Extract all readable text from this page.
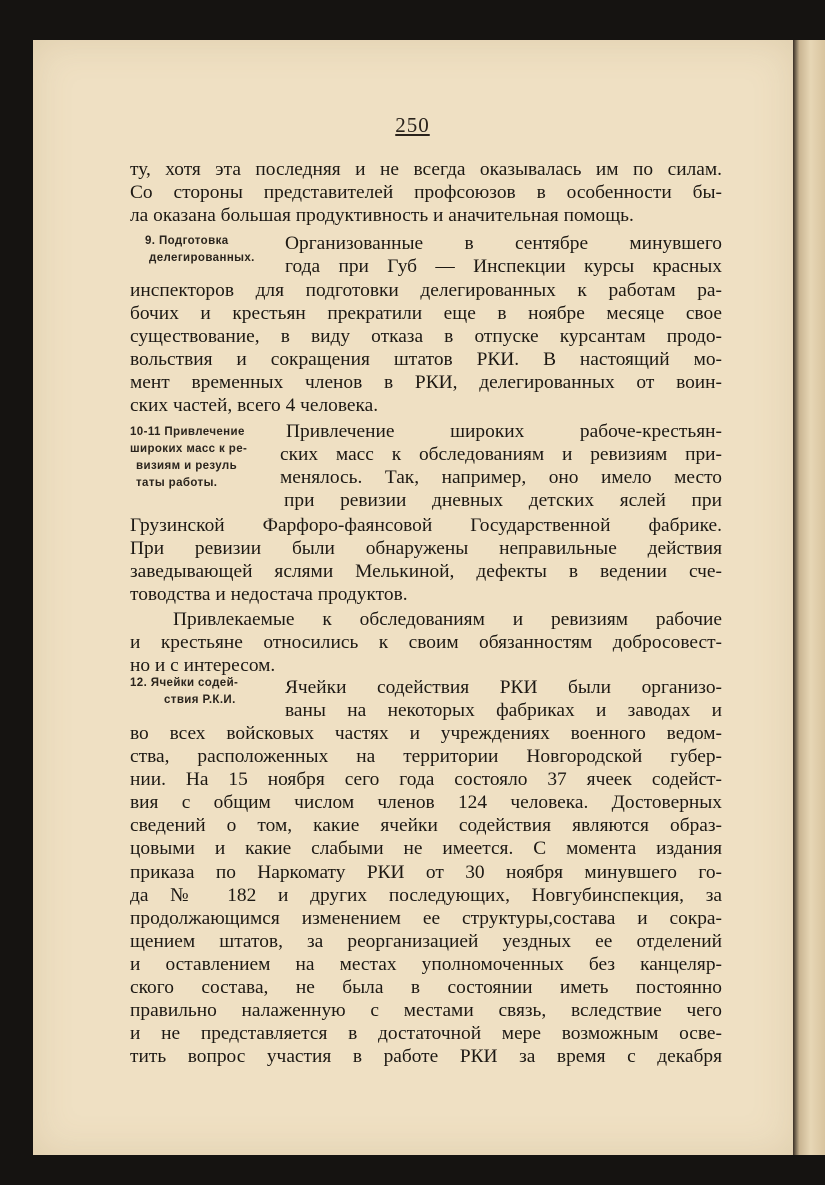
250
ту, хотя эта последняя и не всегда оказывалась им по силам.
Со стороны представителей профсоюзов в особенности бы-
ла оказана большая продуктивность и аначительная помощь.
9. Подготовка
делегированных.
Организованные в сентябре минувшего
года при Губ — Инспекции курсы красных
инспекторов для подготовки делегированных к работам ра-
бочих и крестьян прекратили еще в ноябре месяце свое
существование, в виду отказа в отпуске курсантам продо-
вольствия и сокращения штатов РКИ. В настоящий мо-
мент временных членов в РКИ, делегированных от воин-
ских частей, всего 4 человека.
10-11 Привлечение
широких масс к ре-
визиям и резуль
таты работы.
Привлечение широких рабоче-крестьян-
ских масс к обследованиям и ревизиям при-
менялось. Так, например, оно имело место
при ревизии дневных детских яслей при
Грузинской Фарфоро-фаянсовой Государственной фабрике.
При ревизии были обнаружены неправильные действия
заведывающей яслями Мелькиной, дефекты в ведении сче-
товодства и недостача продуктов.
Привлекаемые к обследованиям и ревизиям рабочие
и крестьяне относились к своим обязанностям добросовест-
но и с интересом.
12. Ячейки содей-
ствия Р.К.И.
Ячейки содействия РКИ были организо-
ваны на некоторых фабриках и заводах и
во всех войсковых частях и учреждениях военного ведом-
ства, расположенных на территории Новгородской губер-
нии. На 15 ноября сего года состояло 37 ячеек содейст-
вия с общим числом членов 124 человека. Достоверных
сведений о том, какие ячейки содействия являются образ-
цовыми и какие слабыми не имеется. С момента издания
приказа по Наркомату РКИ от 30 ноября минувшего го-
да № 182 и других последующих, Новгубинспекция, за
продолжающимся изменением ее структуры,состава и сокра-
щением штатов, за реорганизацией уездных ее отделений
и оставлением на местах уполномоченных без канцеляр-
ского состава, не была в состоянии иметь постоянно
правильно налаженную с местами связь, вследствие чего
и не представляется в достаточной мере возможным осве-
тить вопрос участия в работе РКИ за время с декабря
